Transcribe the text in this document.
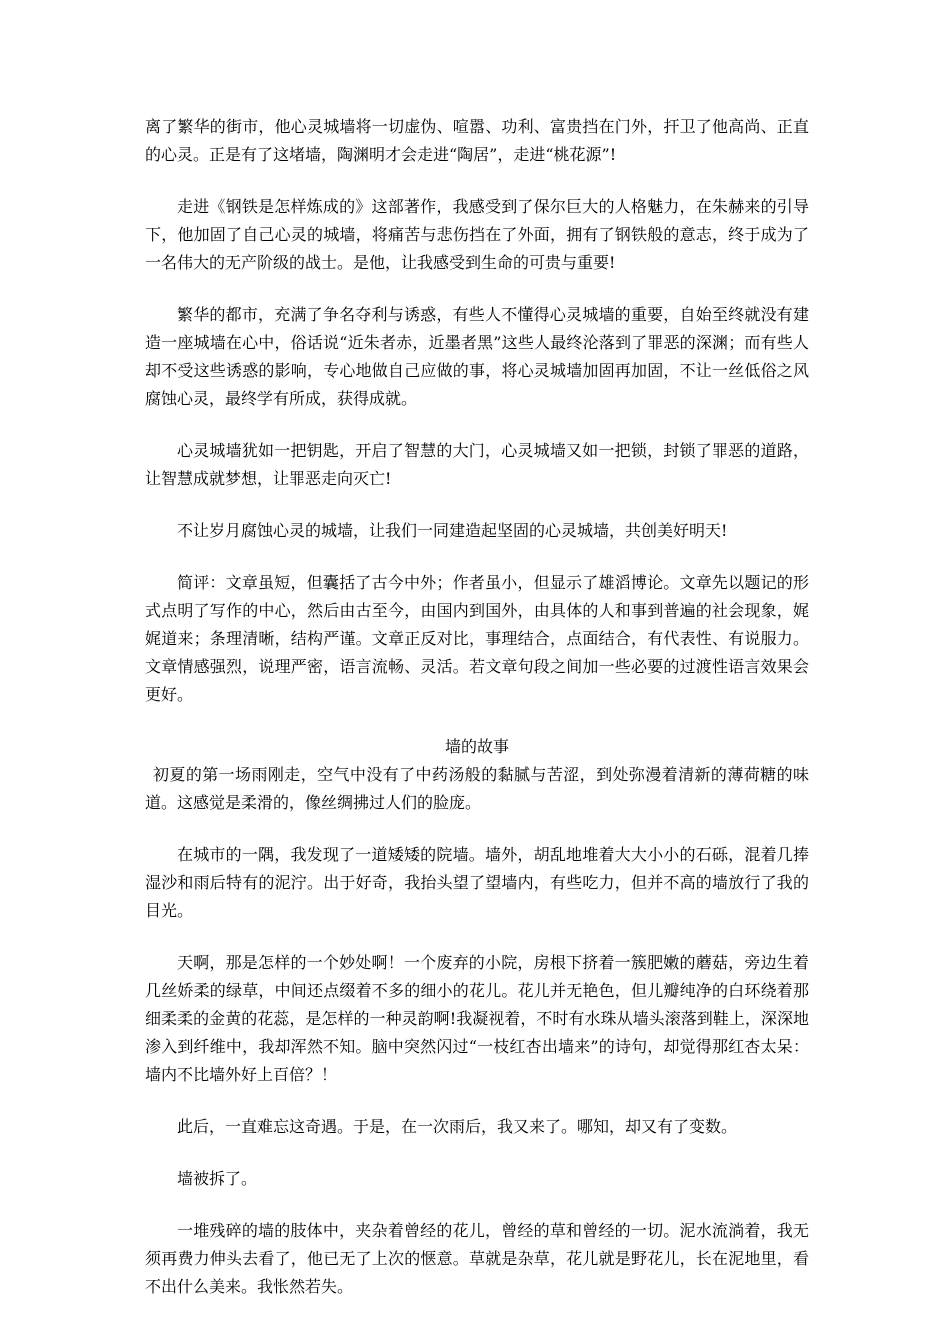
离了繁华的街市，他心灵城墙将一切虚伪、喧嚣、功利、富贵挡在门外，扞卫了他高尚、正直的心灵。正是有了这堵墙，陶渊明才会走进“陶居”，走进“桃花源”!

走进《钢铁是怎样炼成的》这部著作，我感受到了保尔巨大的人格魅力，在朱赫来的引导下，他加固了自己心灵的城墙，将痛苦与悲伤挡在了外面，拥有了钢铁般的意志，终于成为了一名伟大的无产阶级的战士。是他，让我感受到生命的可贵与重要!

繁华的都市，充满了争名夺利与诱惑，有些人不懂得心灵城墙的重要，自始至终就没有建造一座城墙在心中，俗话说“近朱者赤，近墨者黑”这些人最终沦落到了罪恶的深渊；而有些人却不受这些诱惑的影响，专心地做自己应做的事，将心灵城墙加固再加固，不让一丝低俗之风腐蚀心灵，最终学有所成，获得成就。

心灵城墙犹如一把钥匙，开启了智慧的大门，心灵城墙又如一把锁，封锁了罪恶的道路，让智慧成就梦想，让罪恶走向灭亡!

不让岁月腐蚀心灵的城墙，让我们一同建造起坚固的心灵城墙，共创美好明天!

简评：文章虽短，但囊括了古今中外；作者虽小，但显示了雄滔博论。文章先以题记的形式点明了写作的中心，然后由古至今，由国内到国外，由具体的人和事到普遍的社会现象，娓娓道来；条理清晰，结构严谨。文章正反对比，事理结合，点面结合，有代表性、有说服力。文章情感强烈，说理严密，语言流畅、灵活。若文章句段之间加一些必要的过渡性语言效果会更好。

墙的故事

初夏的第一场雨刚走，空气中没有了中药汤般的黏腻与苦涩，到处弥漫着清新的薄荷糖的味道。这感觉是柔滑的，像丝绸拂过人们的脸庞。

在城市的一隅，我发现了一道矮矮的院墙。墙外，胡乱地堆着大大小小的石砾，混着几捧湿沙和雨后特有的泥泞。出于好奇，我抬头望了望墙内，有些吃力，但并不高的墙放行了我的目光。

天啊，那是怎样的一个妙处啊！一个废弃的小院，房根下挤着一簇肥嫩的蘑菇，旁边生着几丝娇柔的绿草，中间还点缀着不多的细小的花儿。花儿并无艳色，但儿瓣纯净的白环绕着那细柔柔的金黄的花蕊，是怎样的一种灵韵啊!我凝视着，不时有水珠从墙头滚落到鞋上，深深地渗入到纤维中，我却浑然不知。脑中突然闪过“一枝红杏出墙来”的诗句，却觉得那红杏太呆：墙内不比墙外好上百倍？！

此后，一直难忘这奇遇。于是，在一次雨后，我又来了。哪知，却又有了变数。

墙被拆了。

一堆残碎的墙的肢体中，夹杂着曾经的花儿，曾经的草和曾经的一切。泥水流淌着，我无须再费力伸头去看了，他已无了上次的惬意。草就是杂草，花儿就是野花儿，长在泥地里，看不出什么美来。我怅然若失。
